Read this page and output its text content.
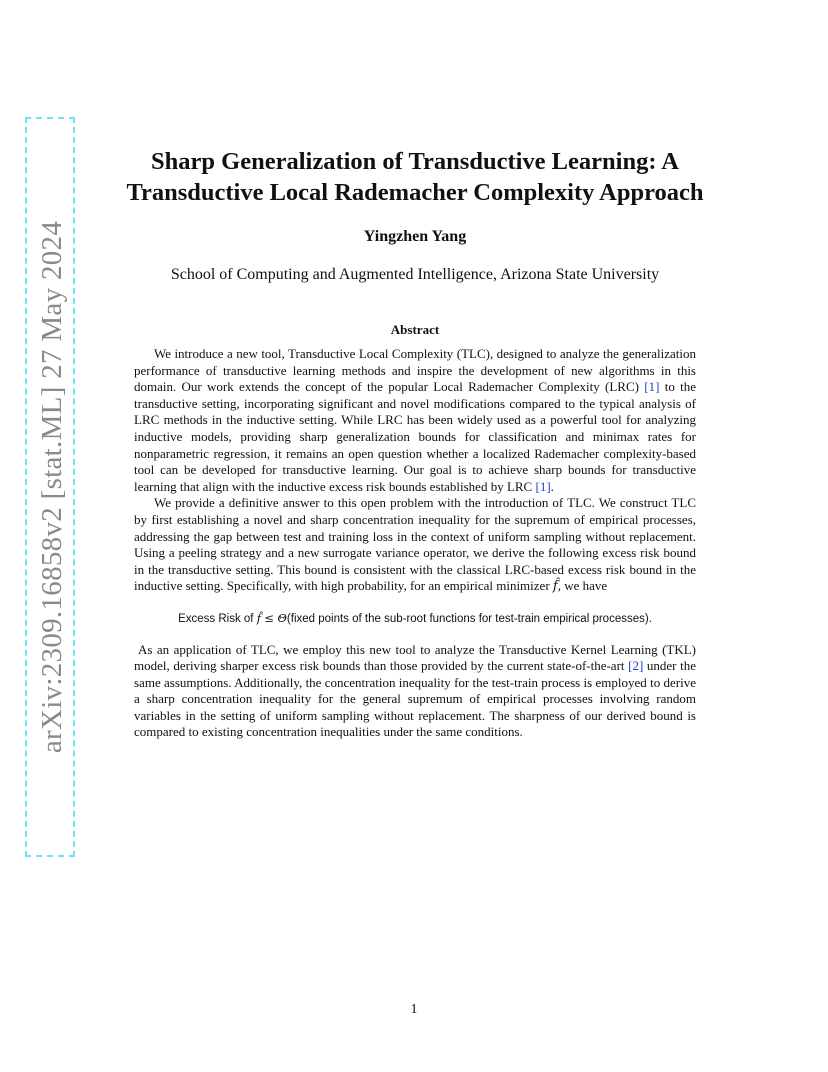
arXiv:2309.16858v2 [stat.ML] 27 May 2024
Sharp Generalization of Transductive Learning: A
Transductive Local Rademacher Complexity Approach
Yingzhen Yang
School of Computing and Augmented Intelligence, Arizona State University
Abstract

We introduce a new tool, Transductive Local Complexity (TLC), designed to analyze the generalization performance of transductive learning methods and inspire the development of new algorithms in this domain. Our work extends the concept of the popular Local Rademacher Complexity (LRC) [1] to the transductive setting, incorporating significant and novel modifications compared to the typical analysis of LRC methods in the inductive setting. While LRC has been widely used as a powerful tool for analyzing inductive models, providing sharp generalization bounds for classification and minimax rates for nonparametric regression, it remains an open question whether a localized Rademacher complexity-based tool can be developed for transductive learning. Our goal is to achieve sharp bounds for transductive learning that align with the inductive excess risk bounds established by LRC [1].

We provide a definitive answer to this open problem with the introduction of TLC. We construct TLC by first establishing a novel and sharp concentration inequality for the supremum of empirical processes, addressing the gap between test and training loss in the context of uniform sampling without replacement. Using a peeling strategy and a new surrogate variance operator, we derive the following excess risk bound in the transductive setting. This bound is consistent with the classical LRC-based excess risk bound in the inductive setting. Specifically, with high probability, for an empirical minimizer f̂, we have

Excess Risk of f̂ ≤ Θ(fixed points of the sub-root functions for test-train empirical processes).

As an application of TLC, we employ this new tool to analyze the Transductive Kernel Learning (TKL) model, deriving sharper excess risk bounds than those provided by the current state-of-the-art [2] under the same assumptions. Additionally, the concentration inequality for the test-train process is employed to derive a sharp concentration inequality for the general supremum of empirical processes involving random variables in the setting of uniform sampling without replacement. The sharpness of our derived bound is compared to existing concentration inequalities under the same conditions.

1
